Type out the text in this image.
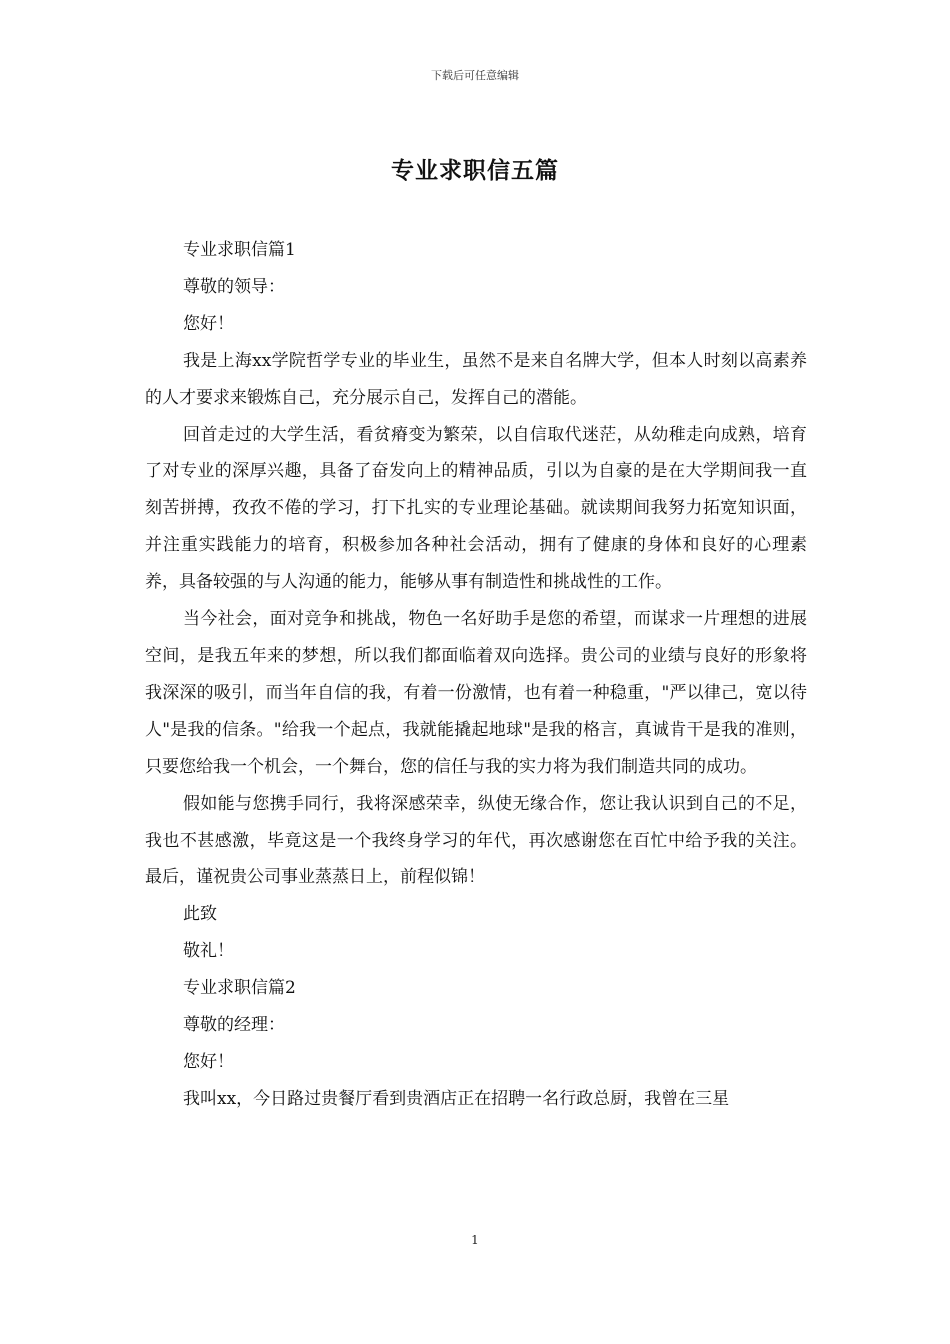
下载后可任意编辑
专业求职信五篇

专业求职信篇1

尊敬的领导：

您好！

我是上海xx学院哲学专业的毕业生，虽然不是来自名牌大学，但本人时刻以高素养的人才要求来锻炼自己，充分展示自己，发挥自己的潜能。

回首走过的大学生活，看贫瘠变为繁荣，以自信取代迷茫，从幼稚走向成熟，培育了对专业的深厚兴趣，具备了奋发向上的精神品质，引以为自豪的是在大学期间我一直刻苦拼搏，孜孜不倦的学习，打下扎实的专业理论基础。就读期间我努力拓宽知识面，并注重实践能力的培育，积极参加各种社会活动，拥有了健康的身体和良好的心理素养，具备较强的与人沟通的能力，能够从事有制造性和挑战性的工作。

当今社会，面对竞争和挑战，物色一名好助手是您的希望，而谋求一片理想的进展空间，是我五年来的梦想，所以我们都面临着双向选择。贵公司的业绩与良好的形象将我深深的吸引，而当年自信的我，有着一份激情，也有着一种稳重，"严以律己，宽以待人"是我的信条。"给我一个起点，我就能撬起地球"是我的格言，真诚肯干是我的准则，只要您给我一个机会，一个舞台，您的信任与我的实力将为我们制造共同的成功。

假如能与您携手同行，我将深感荣幸，纵使无缘合作，您让我认识到自己的不足，我也不甚感激，毕竟这是一个我终身学习的年代，再次感谢您在百忙中给予我的关注。最后，谨祝贵公司事业蒸蒸日上，前程似锦！

此致

敬礼！

专业求职信篇2

尊敬的经理：

您好！

我叫xx，今日路过贵餐厅看到贵酒店正在招聘一名行政总厨，我曾在三星

1
